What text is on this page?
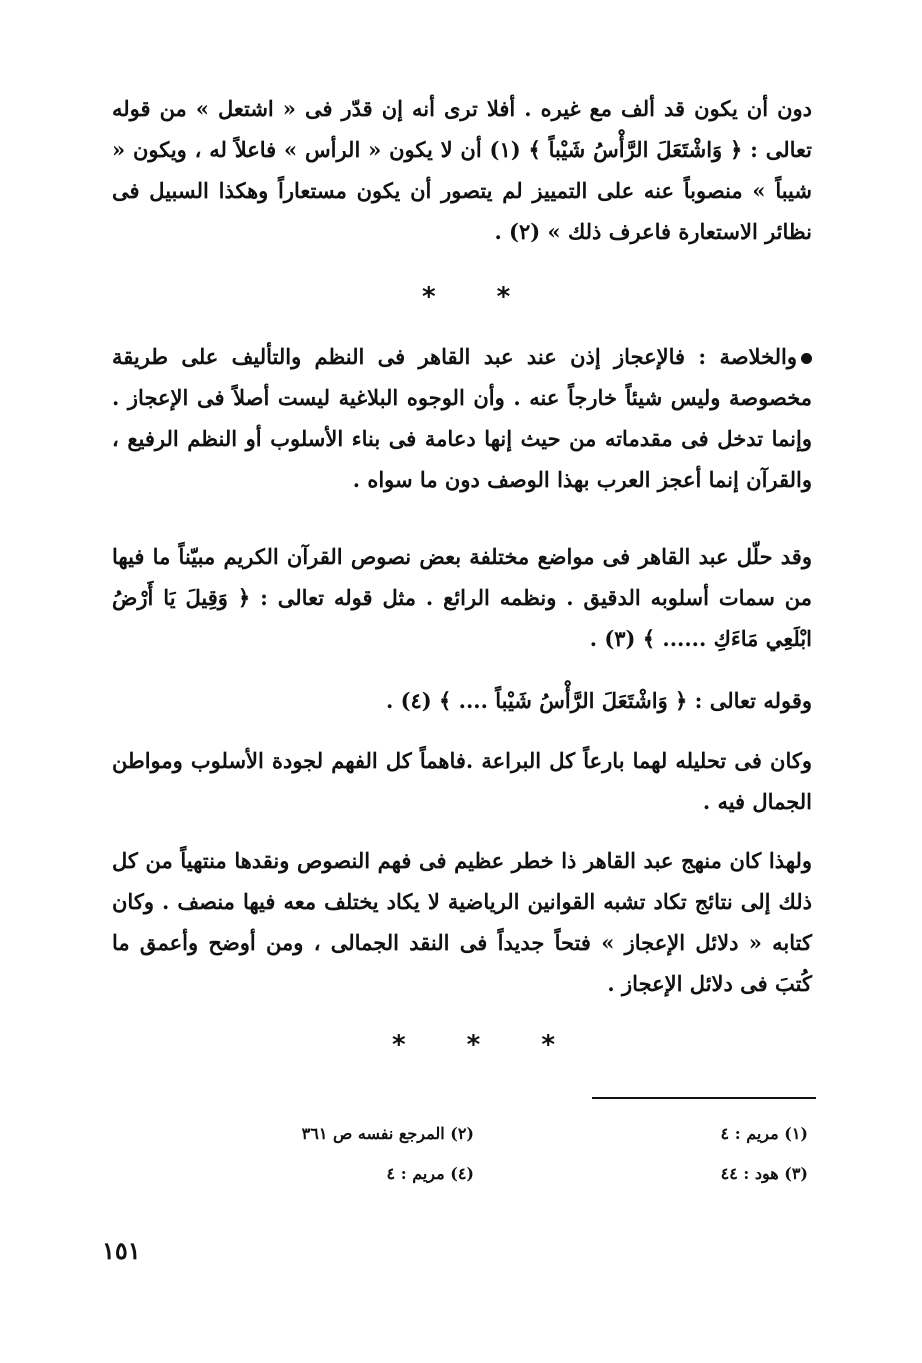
دون أن يكون قد ألف مع غيره . أفلا ترى أنه إن قدّر فى « اشتعل » من قوله تعالى : ﴿ وَاشْتَعَلَ الرَّأْسُ شَيْباً ﴾ (١) أن لا يكون « الرأس » فاعلاً له ، ويكون « شيباً » منصوباً عنه على التمييز لم يتصور أن يكون مستعاراً وهكذا السبيل فى نظائر الاستعارة فاعرف ذلك » (٢) .

* *

والخلاصة : فالإعجاز إذن عند عبد القاهر فى النظم والتأليف على طريقة مخصوصة وليس شيئاً خارجاً عنه . وأن الوجوه البلاغية ليست أصلاً فى الإعجاز . وإنما تدخل فى مقدماته من حيث إنها دعامة فى بناء الأسلوب أو النظم الرفيع ، والقرآن إنما أعجز العرب بهذا الوصف دون ما سواه .

وقد حلّل عبد القاهر فى مواضع مختلفة بعض نصوص القرآن الكريم مبيّناً ما فيها من سمات أسلوبه الدقيق . ونظمه الرائع . مثل قوله تعالى : ﴿ وَقِيلَ يَا أَرْضُ ابْلَعِي مَاءَكِ ...... ﴾ (٣) .

وقوله تعالى : ﴿ وَاشْتَعَلَ الرَّأْسُ شَيْباً .... ﴾ (٤) .

وكان فى تحليله لهما بارعاً كل البراعة .فاهماً كل الفهم لجودة الأسلوب ومواطن الجمال فيه .

ولهذا كان منهج عبد القاهر ذا خطر عظيم فى فهم النصوص ونقدها منتهياً من كل ذلك إلى نتائج تكاد تشبه القوانين الرياضية لا يكاد يختلف معه فيها منصف . وكان كتابه « دلائل الإعجاز » فتحاً جديداً فى النقد الجمالى ، ومن أوضح وأعمق ما كُتبَ فى دلائل الإعجاز .

* * *
(١) مريم : ٤
(٢) المرجع نفسه ص ٣٦١
(٣) هود : ٤٤
(٤) مريم : ٤
١٥١
